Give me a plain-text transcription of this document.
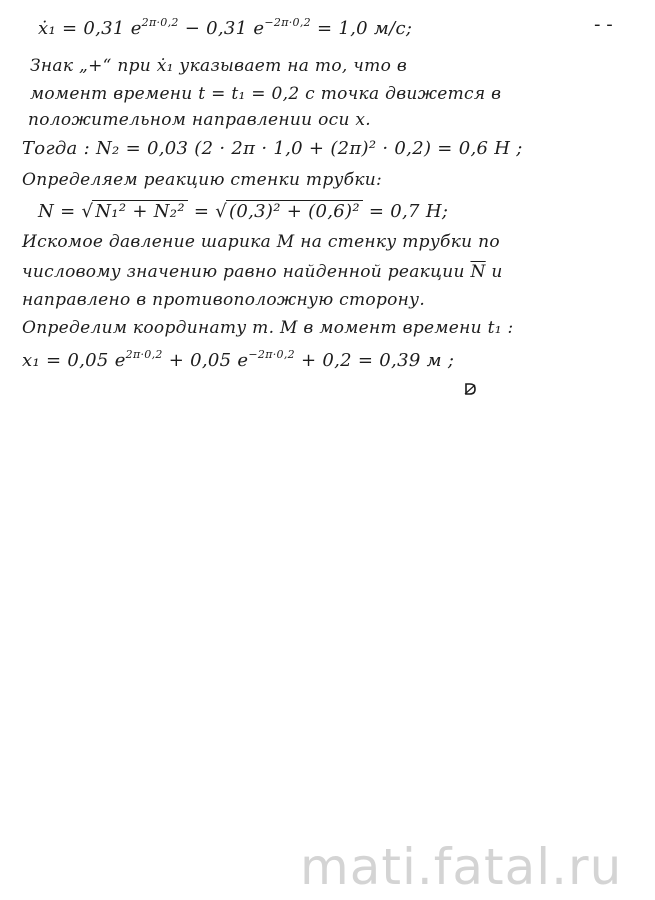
- -
ẋ₁ = 0,31 $e^{2\pi\cdot 0,2} - 0,31$ $e^{-2\pi\cdot 0,2} = 1,0$ м/с;
Знак „+“ при ẋ₁ указывает на то, что в
момент времени t = t₁ = 0,2 с точка движется в
положительном направлении оси x.
Тогда : N₂ = 0,03 (2 · 2π · 1,0 + (2π)² · 0,2) = 0,6 Н ;
Определяем реакцию стенки трубки:
N = √ N₁² + N₂² = √ (0,3)² + (0,6)² = 0,7 Н;
Искомое давление шарика М на стенку трубки по
числовому значению равно найденной реакции $\overline{N}$ и
направлено в противоположную сторону.
Определим координату т. М в момент времени t₁ :
x₁ = 0,05 $e^{2\pi\cdot 0,2} + 0,05$ $e^{-2\pi\cdot 0,2} + 0,2 = 0,39$ м ;
mati.fatal.ru
